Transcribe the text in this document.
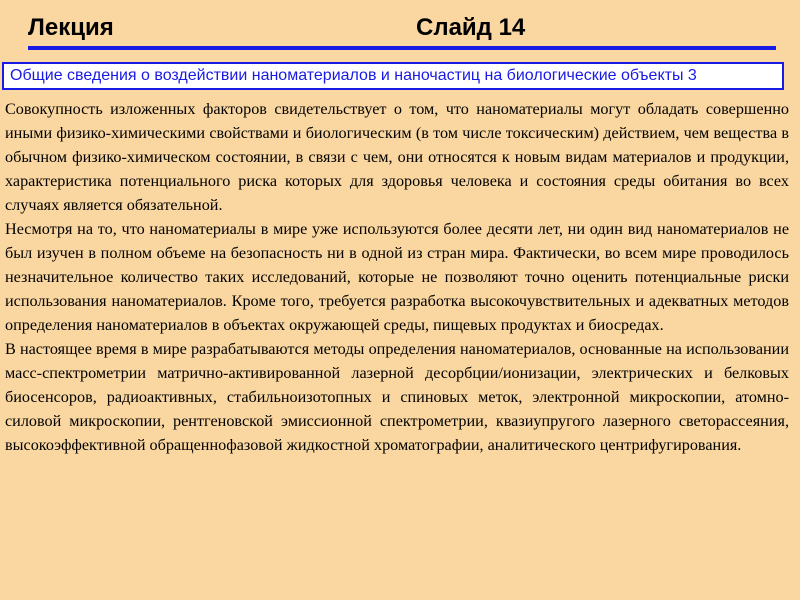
Лекция	Слайд 14
Общие сведения о воздействии наноматериалов и наночастиц на биологические объекты 3

Совокупность изложенных факторов свидетельствует о том, что наноматериалы могут обладать совершенно иными физико-химическими свойствами и биологическим (в том числе токсическим) действием, чем вещества в обычном физико-химическом состоянии, в связи с чем, они относятся к новым видам материалов и продукции, характеристика потенциального риска которых для здоровья человека и состояния среды обитания во всех случаях является обязательной.

Несмотря на то, что наноматериалы в мире уже используются более десяти лет, ни один вид наноматериалов не был изучен в полном объеме на безопасность ни в одной из стран мира. Фактически, во всем мире проводилось незначительное количество таких исследований, которые не позволяют точно оценить потенциальные риски использования наноматериалов. Кроме того, требуется разработка высокочувствительных и адекватных методов определения наноматериалов в объектах окружающей среды, пищевых продуктах и биосредах.

В настоящее время в мире разрабатываются методы определения наноматериалов, основанные на использовании масс-спектрометрии матрично-активированной лазерной десорбции/ионизации, электрических и белковых биосенсоров, радиоактивных, стабильноизотопных и спиновых меток, электронной микроскопии, атомно-силовой микроскопии, рентгеновской эмиссионной спектрометрии, квазиупругого лазерного светорассеяния, высокоэффективной обращеннофазовой жидкостной хроматографии, аналитического центрифугирования.
